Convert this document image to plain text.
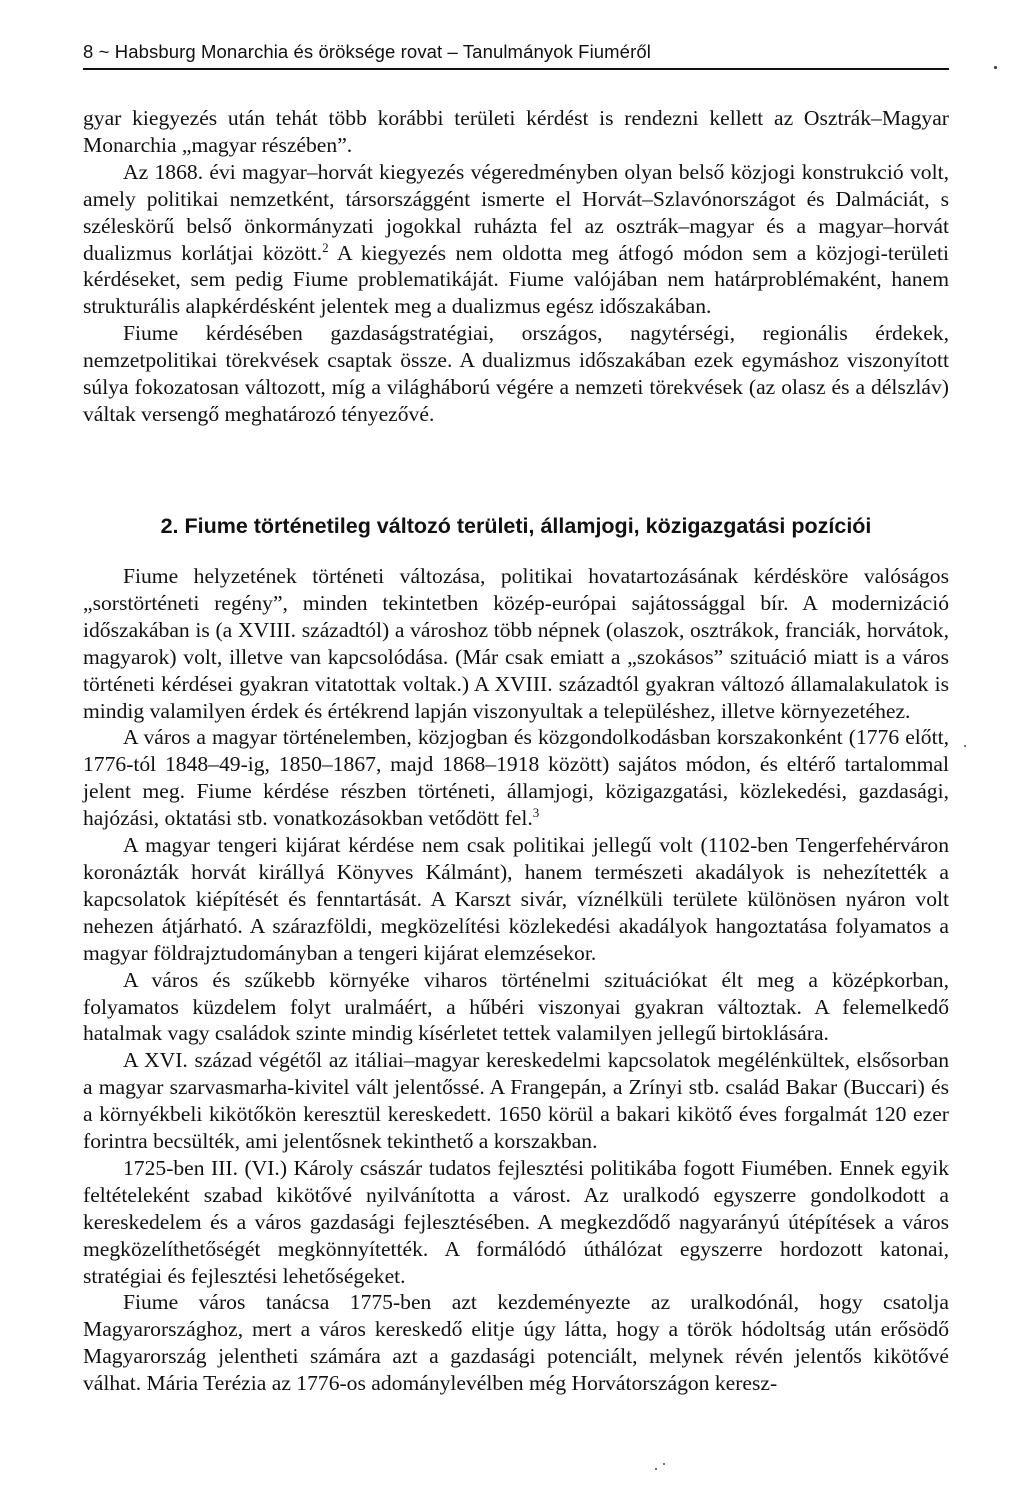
8 ~ Habsburg Monarchia és öröksége rovat – Tanulmányok Fiuméről

gyar kiegyezés után tehát több korábbi területi kérdést is rendezni kellett az Osztrák–Magyar Monarchia „magyar részében”.

Az 1868. évi magyar–horvát kiegyezés végeredményben olyan belső közjogi konstrukció volt, amely politikai nemzetként, társországgént ismerte el Horvát–Szlavónországot és Dalmáciát, s széleskörű belső önkormányzati jogokkal ruházta fel az osztrák–magyar és a magyar–horvát dualizmus korlátjai között.$^2$ A kiegyezés nem oldotta meg átfogó módon sem a közjogi-területi kérdéseket, sem pedig Fiume problematikáját. Fiume valójában nem határproblémaként, hanem strukturális alapkérdésként jelentek meg a dualizmus egész időszakában.

Fiume kérdésében gazdaságstratégiai, országos, nagytérségi, regionális érdekek, nemzetpolitikai törekvések csaptak össze. A dualizmus időszakában ezek egymáshoz viszonyított súlya fokozatosan változott, míg a világháború végére a nemzeti törekvések (az olasz és a délszláv) váltak versengő meghatározó tényezővé.

2. Fiume történetileg változó területi, államjogi, közigazgatási pozíciói

Fiume helyzetének történeti változása, politikai hovatartozásának kérdésköre valóságos „sorstörténeti regény”, minden tekintetben közép-európai sajátossággal bír. A modernizáció időszakában is (a XVIII. századtól) a városhoz több népnek (olaszok, osztrákok, franciák, horvátok, magyarok) volt, illetve van kapcsolódása. (Már csak emiatt a „szokásos” szituáció miatt is a város történeti kérdései gyakran vitatottak voltak.) A XVIII. századtól gyakran változó államalakulatok is mindig valamilyen érdek és értékrend lapján viszonyultak a településhez, illetve környezetéhez.

A város a magyar történelemben, közjogban és közgondolkodásban korszakonként (1776 előtt, 1776-tól 1848–49-ig, 1850–1867, majd 1868–1918 között) sajátos módon, és eltérő tartalommal jelent meg. Fiume kérdése részben történeti, államjogi, közigazgatási, közlekedési, gazdasági, hajózási, oktatási stb. vonatkozásokban vetődött fel.$^3$

A magyar tengeri kijárat kérdése nem csak politikai jellegű volt (1102-ben Tengerfehérváron koronázták horvát királlyá Könyves Kálmánt), hanem természeti akadályok is nehezítették a kapcsolatok kiépítését és fenntartását. A Karszt sivár, víznélküli területe különösen nyáron volt nehezen átjárható. A szárazföldi, megközelítési közlekedési akadályok hangoztatása folyamatos a magyar földrajztudományban a tengeri kijárat elemzésekor.

A város és szűkebb környéke viharos történelmi szituációkat élt meg a középkorban, folyamatos küzdelem folyt uralmáért, a hűbéri viszonyai gyakran változtak. A felemelkedő hatalmak vagy családok szinte mindig kísérletet tettek valamilyen jellegű birtoklására.

A XVI. század végétől az itáliai–magyar kereskedelmi kapcsolatok megélénkültek, elsősorban a magyar szarvasmarha-kivitel vált jelentőssé. A Frangepán, a Zrínyi stb. család Bakar (Buccari) és a környékbeli kikötőkön keresztül kereskedett. 1650 körül a bakari kikötő éves forgalmát 120 ezer forintra becsülték, ami jelentősnek tekinthető a korszakban.

1725-ben III. (VI.) Károly császár tudatos fejlesztési politikába fogott Fiumében. Ennek egyik feltételeként szabad kikötővé nyilvánította a várost. Az uralkodó egyszerre gondolkodott a kereskedelem és a város gazdasági fejlesztésében. A megkezdődő nagyarányú útépítések a város megközelíthetőségét megkönnyítették. A formálódó úthálózat egyszerre hordozott katonai, stratégiai és fejlesztési lehetőségeket.

Fiume város tanácsa 1775-ben azt kezdeményezte az uralkodónál, hogy csatolja Magyarországhoz, mert a város kereskedő elitje úgy látta, hogy a török hódoltság után erősödő Magyarország jelentheti számára azt a gazdasági potenciált, melynek révén jelentős kikötővé válhat. Mária Terézia az 1776-os adománylevélben még Horvátországon keresz-
